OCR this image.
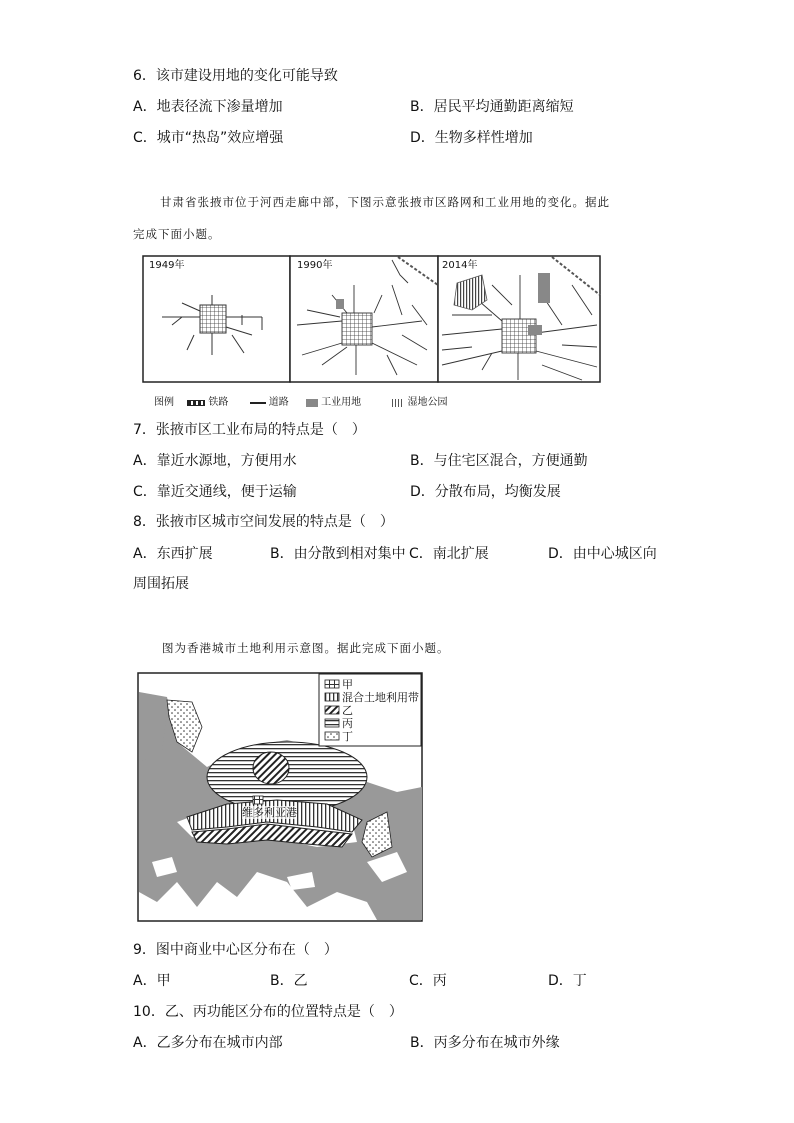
6．该市建设用地的变化可能导致
A．地表径流下渗量增加	B．居民平均通勤距离缩短
C．城市“热岛”效应增强	D．生物多样性增加
甘肃省张掖市位于河西走廊中部，下图示意张掖市区路网和工业用地的变化。据此
完成下面小题。
1949年	1990年	2014年
图例	铁路	道路	工业用地	湿地公园
7．张掖市区工业布局的特点是（　）
A．靠近水源地，方便用水	B．与住宅区混合，方便通勤
C．靠近交通线，便于运输	D．分散布局，均衡发展
8．张掖市区城市空间发展的特点是（　）
A．东西扩展	B．由分散到相对集中 C．南北扩展	D．由中心城区向
周围拓展
图为香港城市土地利用示意图。据此完成下面小题。
甲
混合土地利用带
乙
丙
丁
维多利亚港
9．图中商业中心区分布在（　）
A．甲	B．乙	C．丙	D．丁
10．乙、丙功能区分布的位置特点是（　）
A．乙多分布在城市内部	B．丙多分布在城市外缘
